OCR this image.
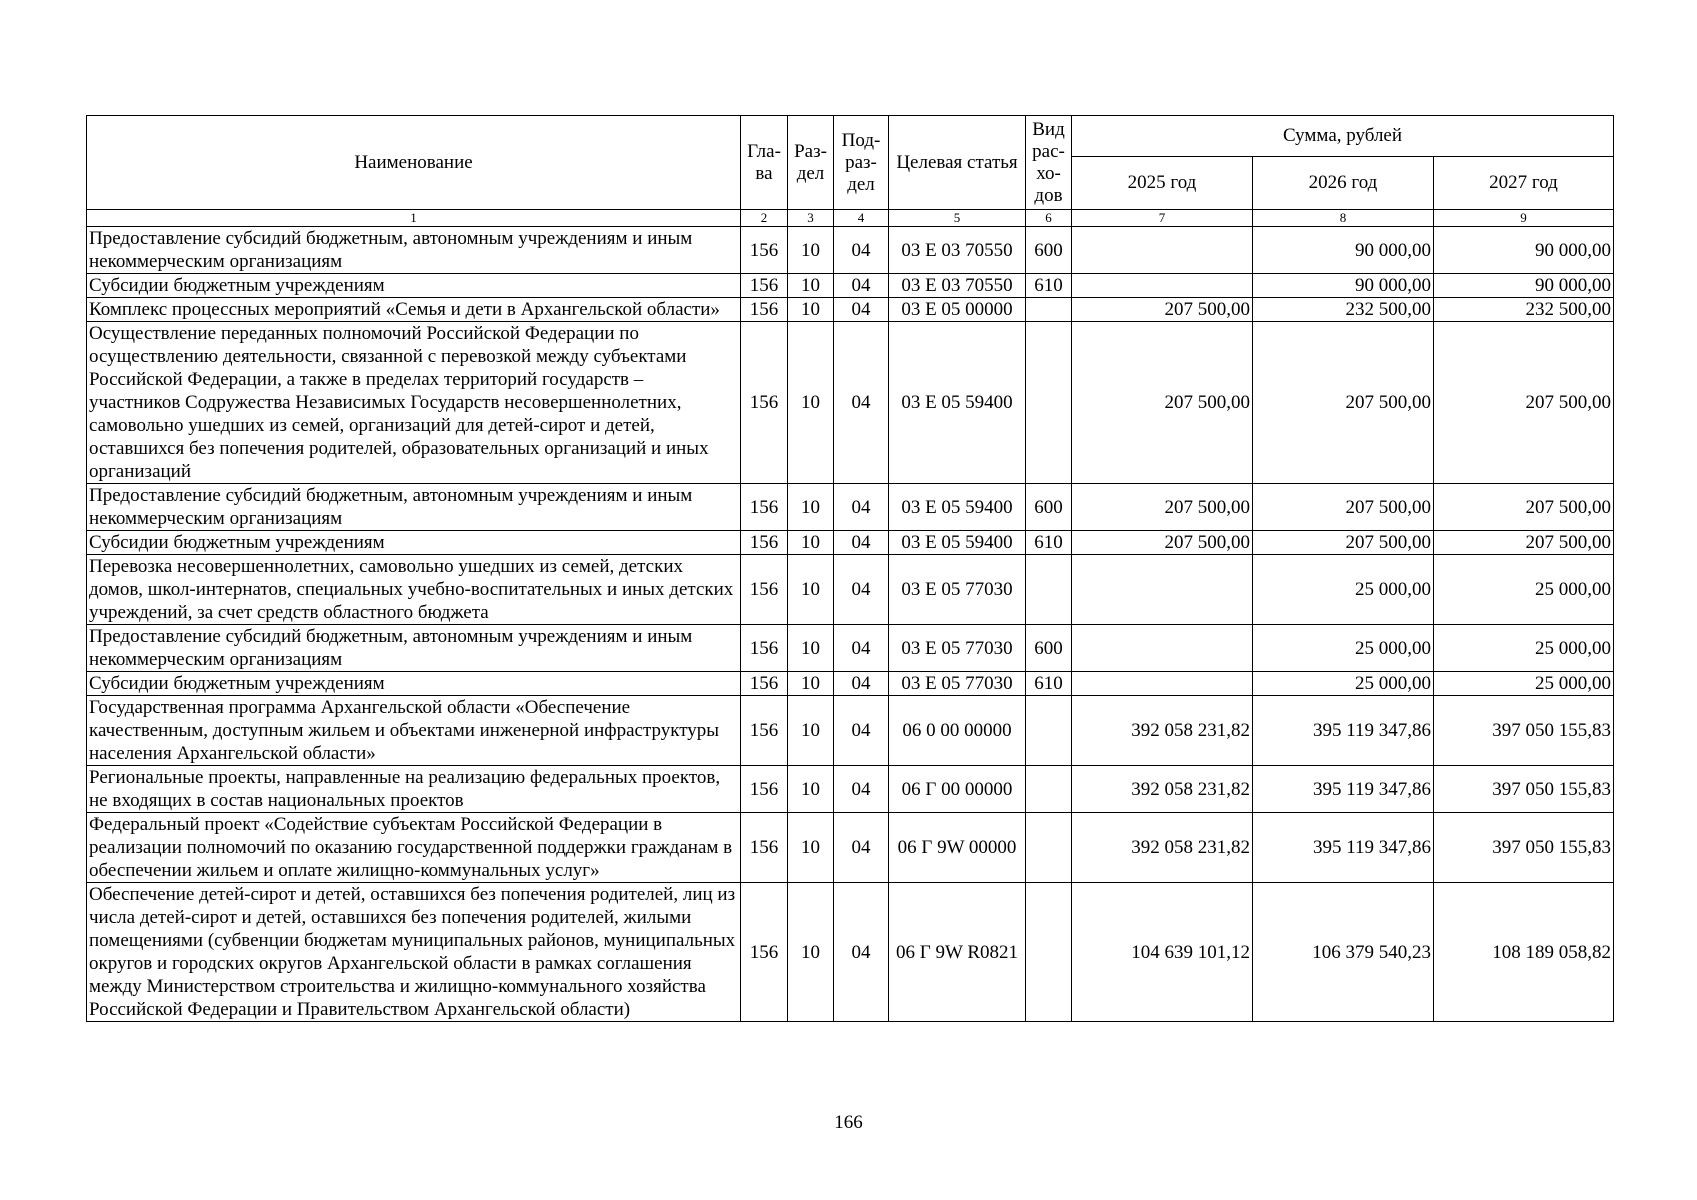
Наименование	Гла-ва	Раз-дел	Под-раз-дел	Целевая статья	Вид рас-хо-дов	Сумма, рублей		
						2025 год	2026 год	2027 год
1	2	3	4	5	6	7	8	9
Предоставление субсидий бюджетным, автономным учреждениям и иным некоммерческим организациям	156	10	04	03 Е 03 70550	600		90 000,00	90 000,00
Субсидии бюджетным учреждениям	156	10	04	03 Е 03 70550	610		90 000,00	90 000,00
Комплекс процессных мероприятий «Семья и дети в Архангельской области»	156	10	04	03 Е 05 00000		207 500,00	232 500,00	232 500,00
Осуществление переданных полномочий Российской Федерации по осуществлению деятельности, связанной с перевозкой между субъектами Российской Федерации, а также в пределах территорий государств – участников Содружества Независимых Государств несовершеннолетних, самовольно ушедших из семей, организаций для детей-сирот и детей, оставшихся без попечения родителей, образовательных организаций и иных организаций	156	10	04	03 Е 05 59400		207 500,00	207 500,00	207 500,00
Предоставление субсидий бюджетным, автономным учреждениям и иным некоммерческим организациям	156	10	04	03 Е 05 59400	600	207 500,00	207 500,00	207 500,00
Субсидии бюджетным учреждениям	156	10	04	03 Е 05 59400	610	207 500,00	207 500,00	207 500,00
Перевозка несовершеннолетних, самовольно ушедших из семей, детских домов, школ-интернатов, специальных учебно-воспитательных и иных детских учреждений, за счет средств областного бюджета	156	10	04	03 Е 05 77030			25 000,00	25 000,00
Предоставление субсидий бюджетным, автономным учреждениям и иным некоммерческим организациям	156	10	04	03 Е 05 77030	600		25 000,00	25 000,00
Субсидии бюджетным учреждениям	156	10	04	03 Е 05 77030	610		25 000,00	25 000,00
Государственная программа Архангельской области «Обеспечение качественным, доступным жильем и объектами инженерной инфраструктуры населения Архангельской области»	156	10	04	06 0 00 00000		392 058 231,82	395 119 347,86	397 050 155,83
Региональные проекты, направленные на реализацию федеральных проектов, не входящих в состав национальных проектов	156	10	04	06 Г 00 00000		392 058 231,82	395 119 347,86	397 050 155,83
Федеральный проект «Содействие субъектам Российской Федерации в реализации полномочий по оказанию государственной поддержки гражданам в обеспечении жильем и оплате жилищно-коммунальных услуг»	156	10	04	06 Г 9W 00000		392 058 231,82	395 119 347,86	397 050 155,83
Обеспечение детей-сирот и детей, оставшихся без попечения родителей, лиц из числа детей-сирот и детей, оставшихся без попечения родителей, жилыми помещениями (субвенции бюджетам муниципальных районов, муниципальных округов и городских округов Архангельской области в рамках соглашения между Министерством строительства и жилищно-коммунального хозяйства Российской Федерации и Правительством Архангельской области)	156	10	04	06 Г 9W R0821		104 639 101,12	106 379 540,23	108 189 058,82
166
